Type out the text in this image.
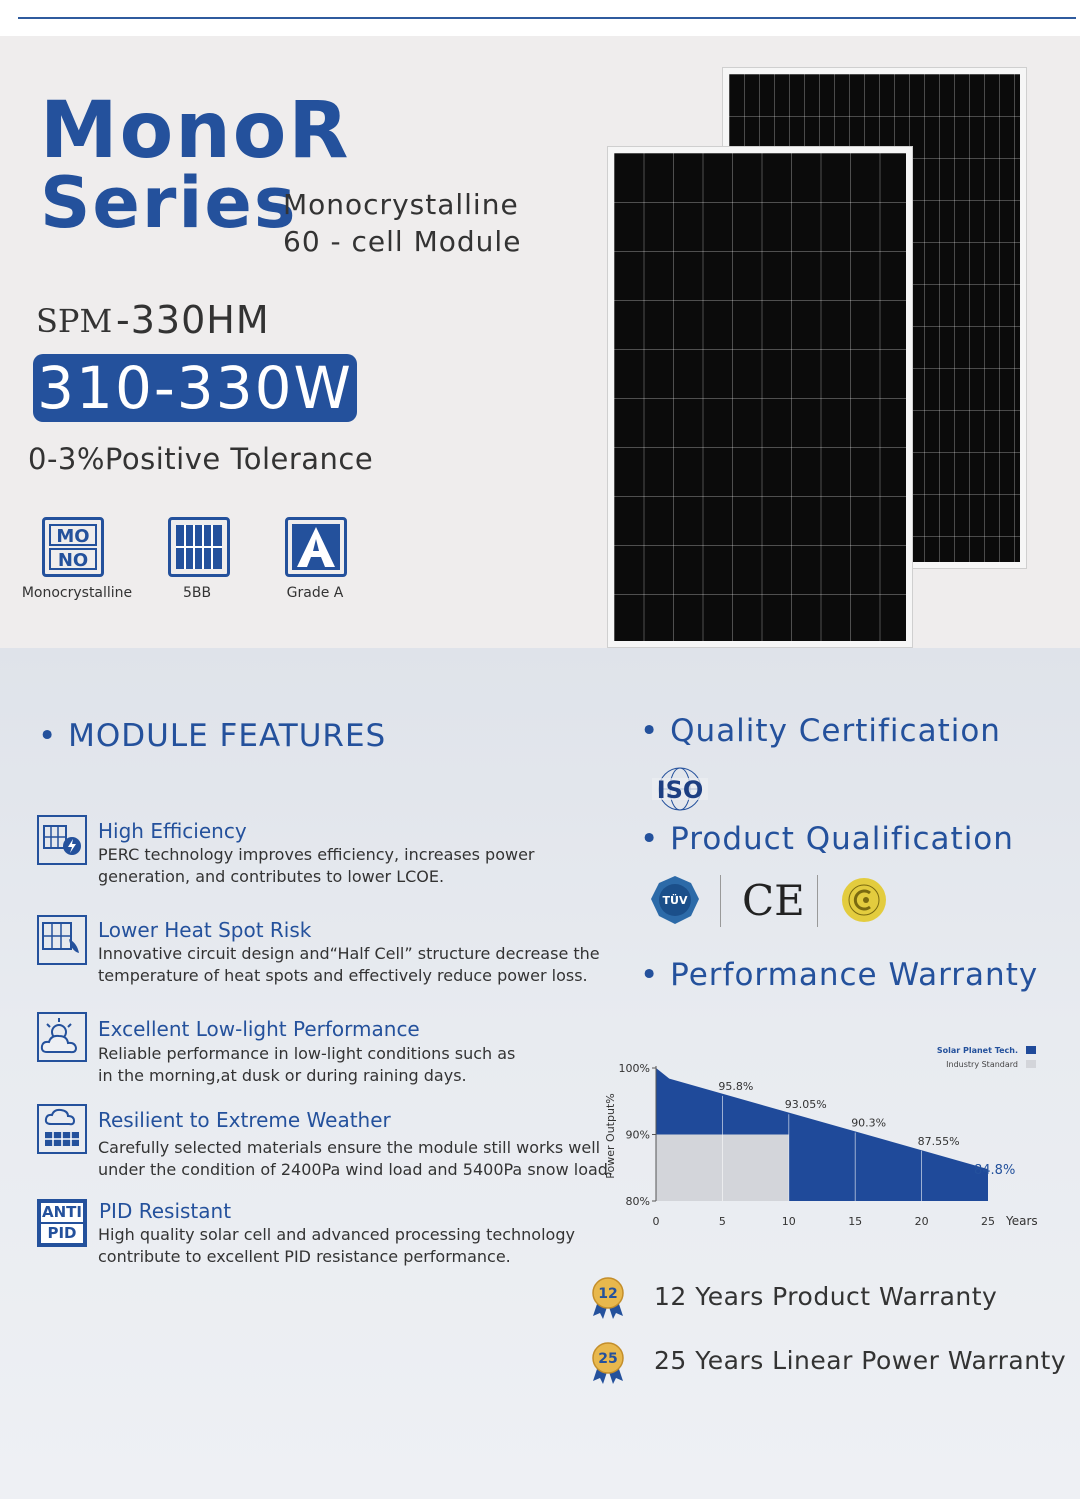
MonoR
Series
Monocrystalline
60 - cell Module
SPM -330HM
310-330W
0-3%Positive Tolerance
MO
NO
Monocrystalline	5BB	Grade A
• MODULE FEATURES
High Efficiency
PERC technology improves efficiency, increases power
generation, and contributes to lower LCOE.
Lower Heat Spot Risk
Innovative circuit design and“Half Cell” structure decrease the
temperature of heat spots and effectively reduce power loss.
Excellent Low-light Performance
Reliable performance in low-light conditions such as
in the morning,at dusk or during raining days.
Resilient to Extreme Weather
Carefully selected materials ensure the module still works well
under the condition of 2400Pa wind load and 5400Pa snow load.
ANTI
PID
PID Resistant
High quality solar cell and advanced processing technology
contribute to excellent PID resistance performance.
• Quality Certification
ISO
• Product Qualification
TÜV CE
• Performance Warranty
80%
90%
100%
0	5	10	15	20	25 Years
Power Output%
95.8%
93.05%
90.3%
87.55%
84.8%
Solar Planet Tech.
Industry Standard
12 12 Years Product Warranty
25 25 Years Linear Power Warranty
